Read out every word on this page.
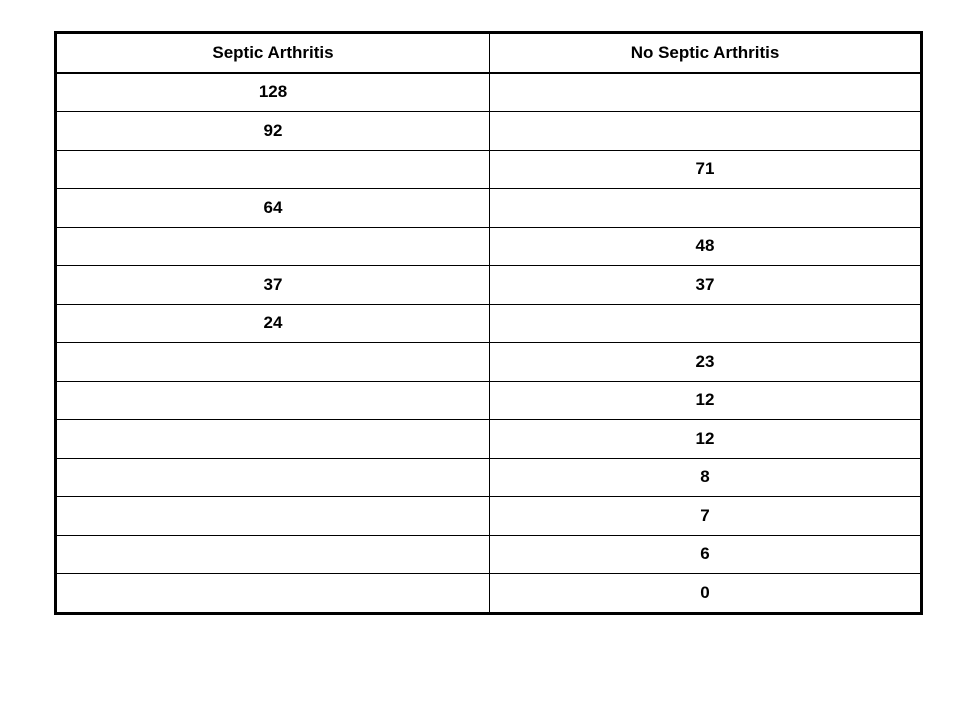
Septic Arthritis	No Septic Arthritis
128	
92	
	71
64	
	48
37	37
24	
	23
	12
	12
	8
	7
	6
	0
